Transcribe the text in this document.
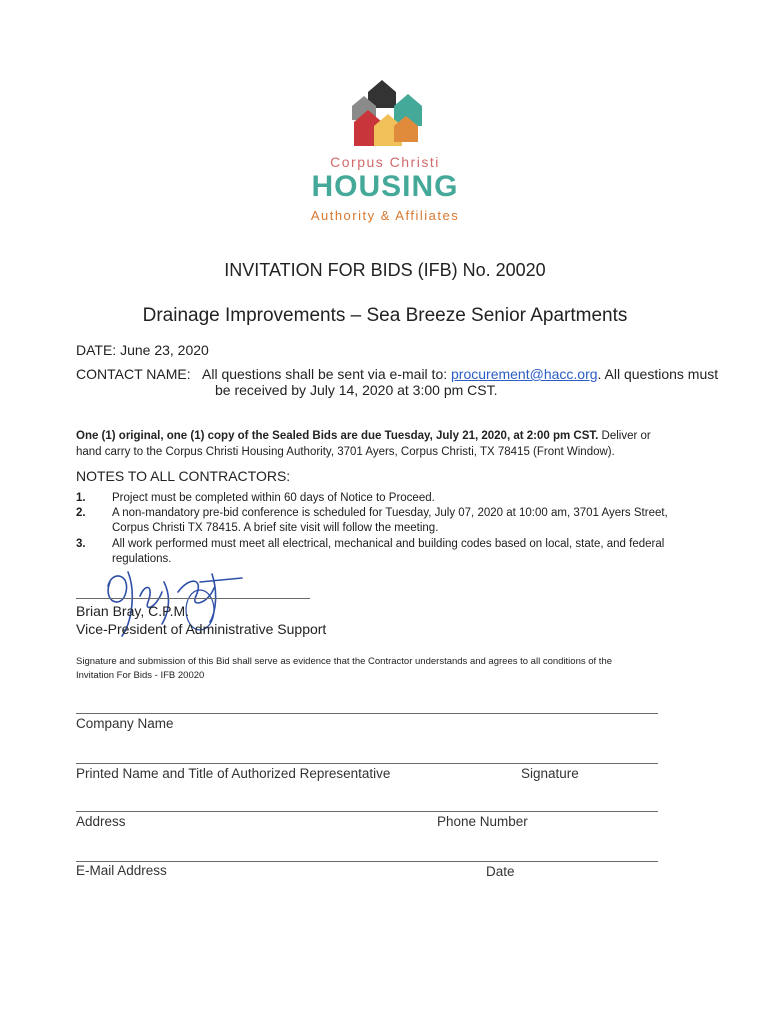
Corpus Christi
HOUSING
Authority & Affiliates
INVITATION FOR BIDS (IFB) No. 20020
Drainage Improvements – Sea Breeze Senior Apartments
DATE: June 23, 2020
CONTACT NAME: All questions shall be sent via e-mail to: procurement@hacc.org. All questions must
be received by July 14, 2020 at 3:00 pm CST.
One (1) original, one (1) copy of the Sealed Bids are due Tuesday, July 21, 2020, at 2:00 pm CST. Deliver or
hand carry to the Corpus Christi Housing Authority, 3701 Ayers, Corpus Christi, TX 78415 (Front Window).
NOTES TO ALL CONTRACTORS:
1. Project must be completed within 60 days of Notice to Proceed.
2. A non-mandatory pre-bid conference is scheduled for Tuesday, July 07, 2020 at 10:00 am, 3701 Ayers Street,
Corpus Christi TX 78415. A brief site visit will follow the meeting.
3. All work performed must meet all electrical, mechanical and building codes based on local, state, and federal
regulations.
Brian Bray, C.P.M.
Vice-President of Administrative Support
Signature and submission of this Bid shall serve as evidence that the Contractor understands and agrees to all conditions of the
Invitation For Bids - IFB 20020
Company Name
Printed Name and Title of Authorized Representative	Signature
Address	Phone Number
E-Mail Address	Date
